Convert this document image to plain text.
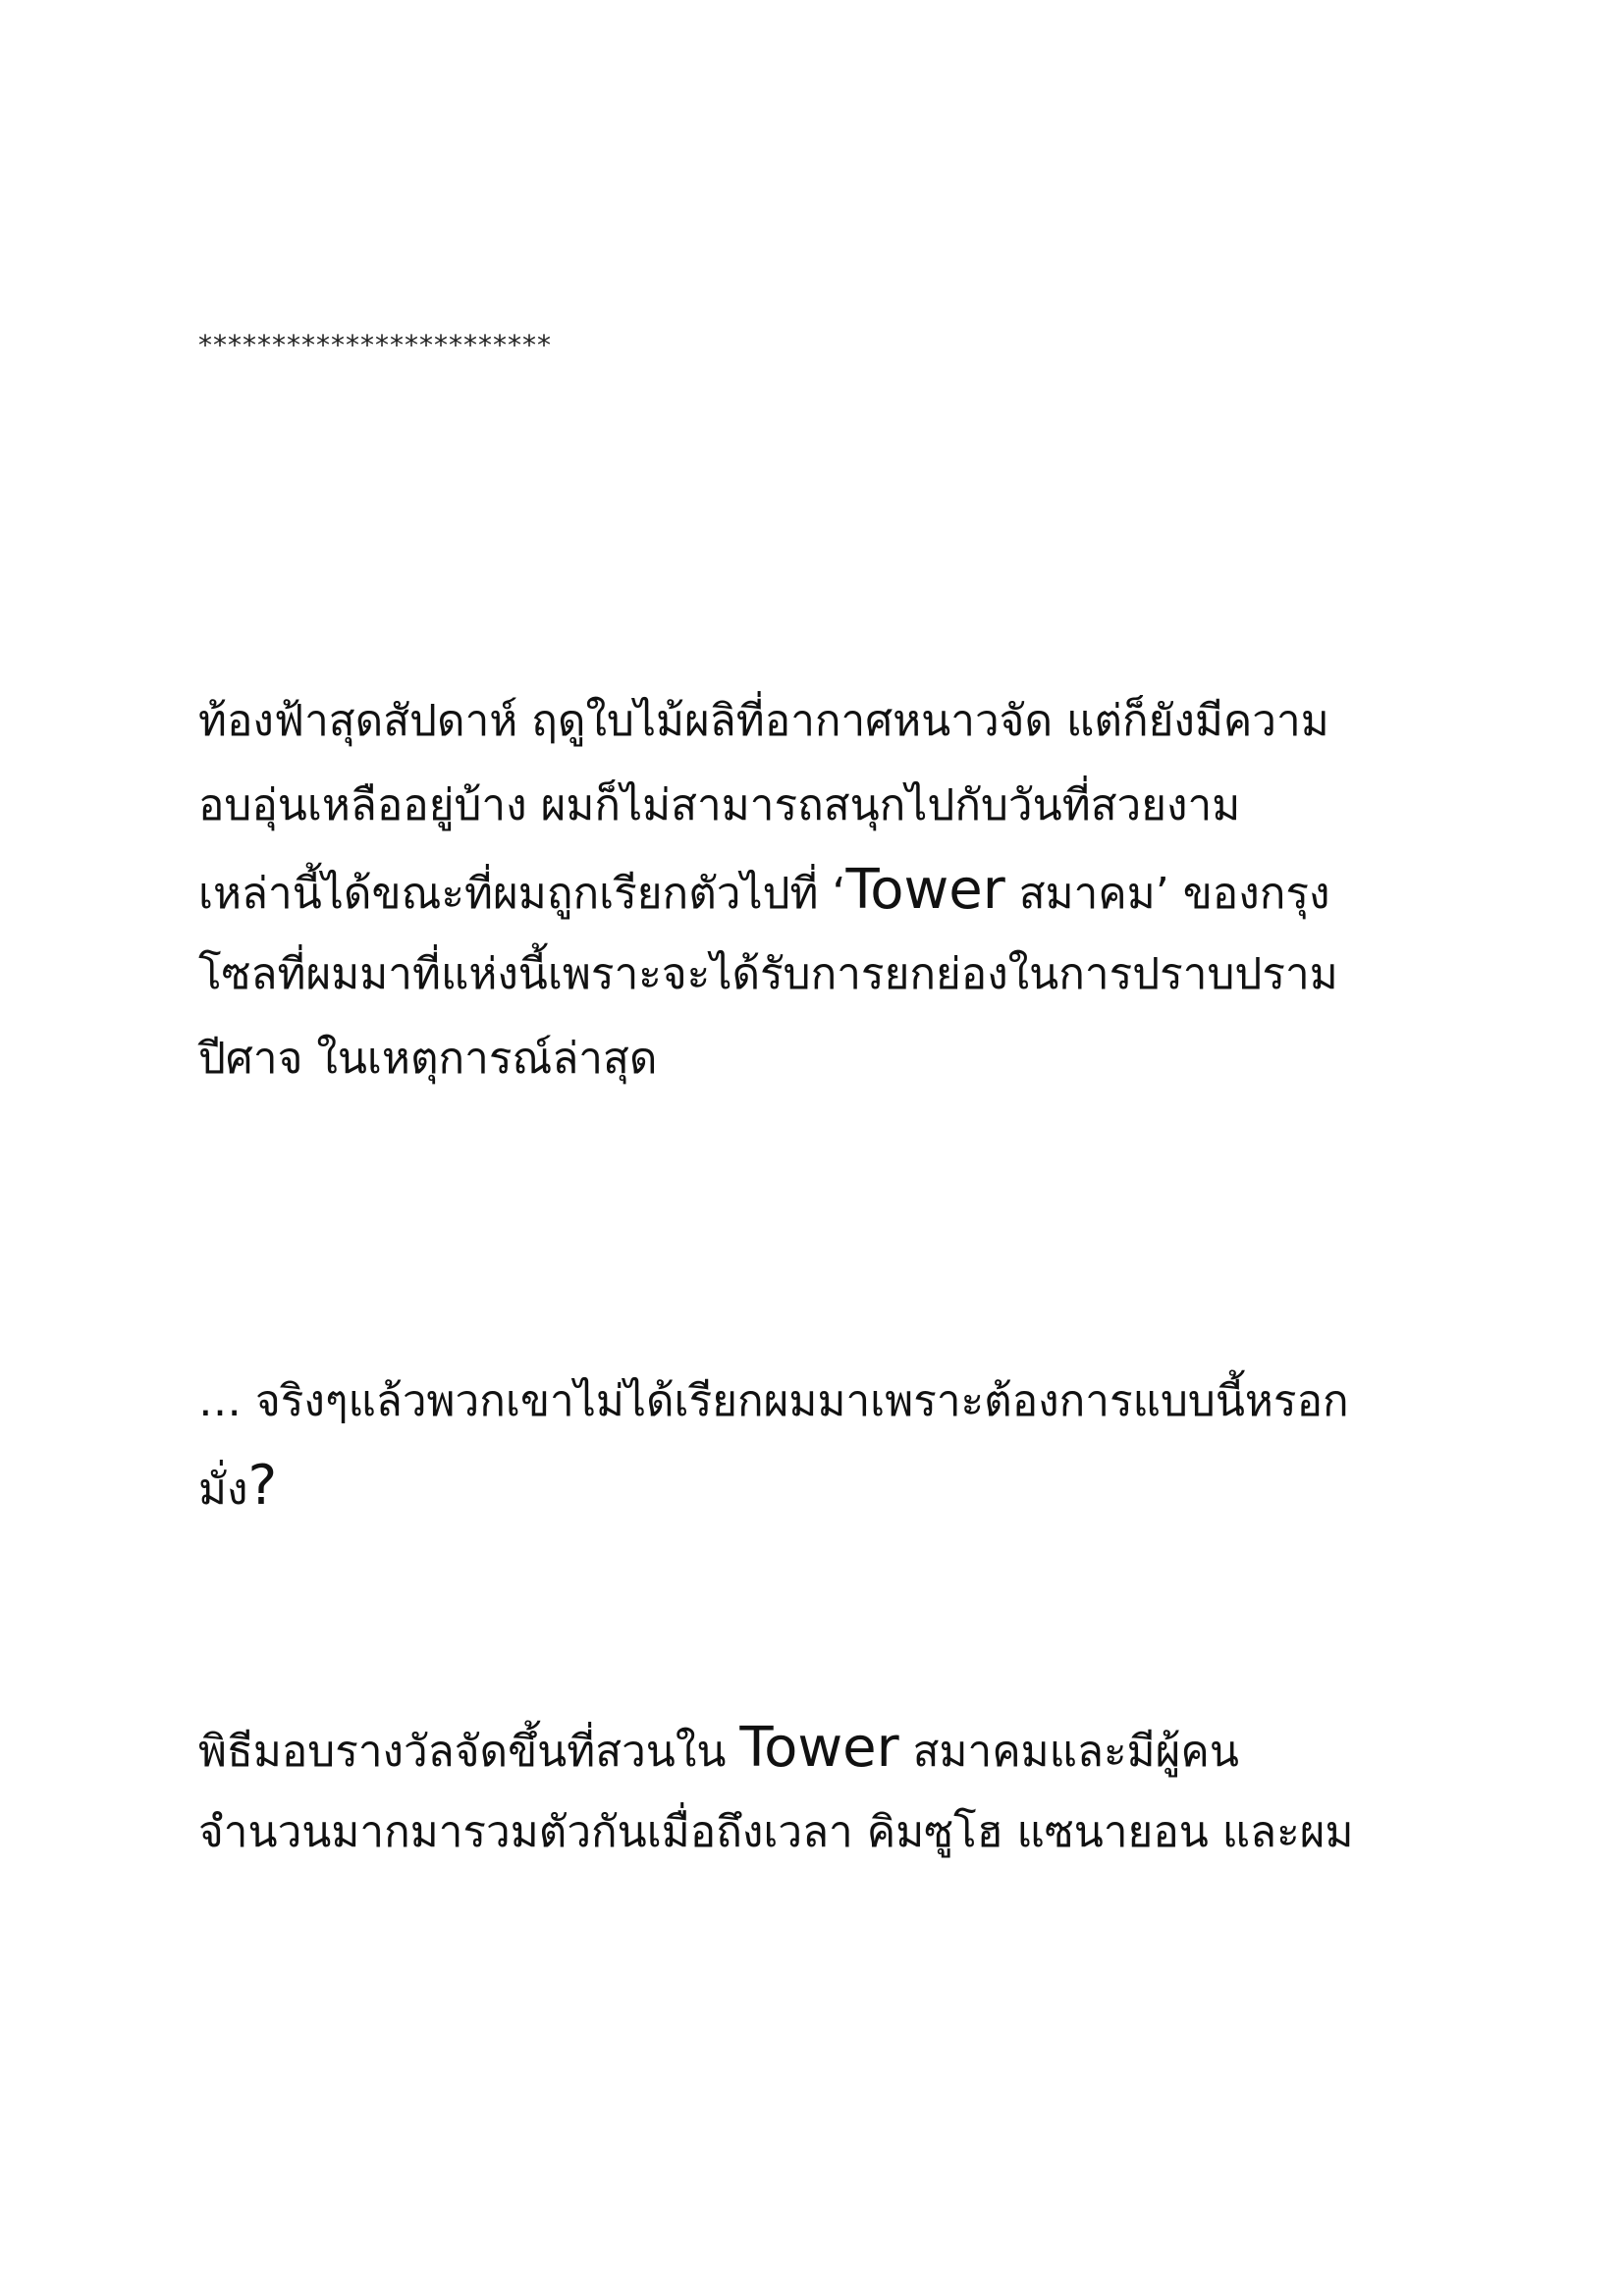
************************
ท้องฟ้าสุดสัปดาห์ ฤดูใบไม้ผลิที่อากาศหนาวจัด แต่ก็ยังมีความ
อบอุ่นเหลืออยู่บ้าง ผมก็ไม่สามารถสนุกไปกับวันที่สวยงาม
เหล่านี้ได้ขณะที่ผมถูกเรียกตัวไปที่ ‘Tower สมาคม’ ของกรุง
โซลที่ผมมาที่แห่งนี้เพราะจะได้รับการยกย่องในการปราบปราม
ปีศาจ ในเหตุการณ์ล่าสุด
… จริงๆแล้วพวกเขาไม่ได้เรียกผมมาเพราะต้องการแบบนี้หรอก
มั่ง?
พิธีมอบรางวัลจัดขึ้นที่สวนใน Tower สมาคมและมีผู้คน
จำนวนมากมารวมตัวกันเมื่อถึงเวลา คิมซูโฮ แซนายอน และผม
